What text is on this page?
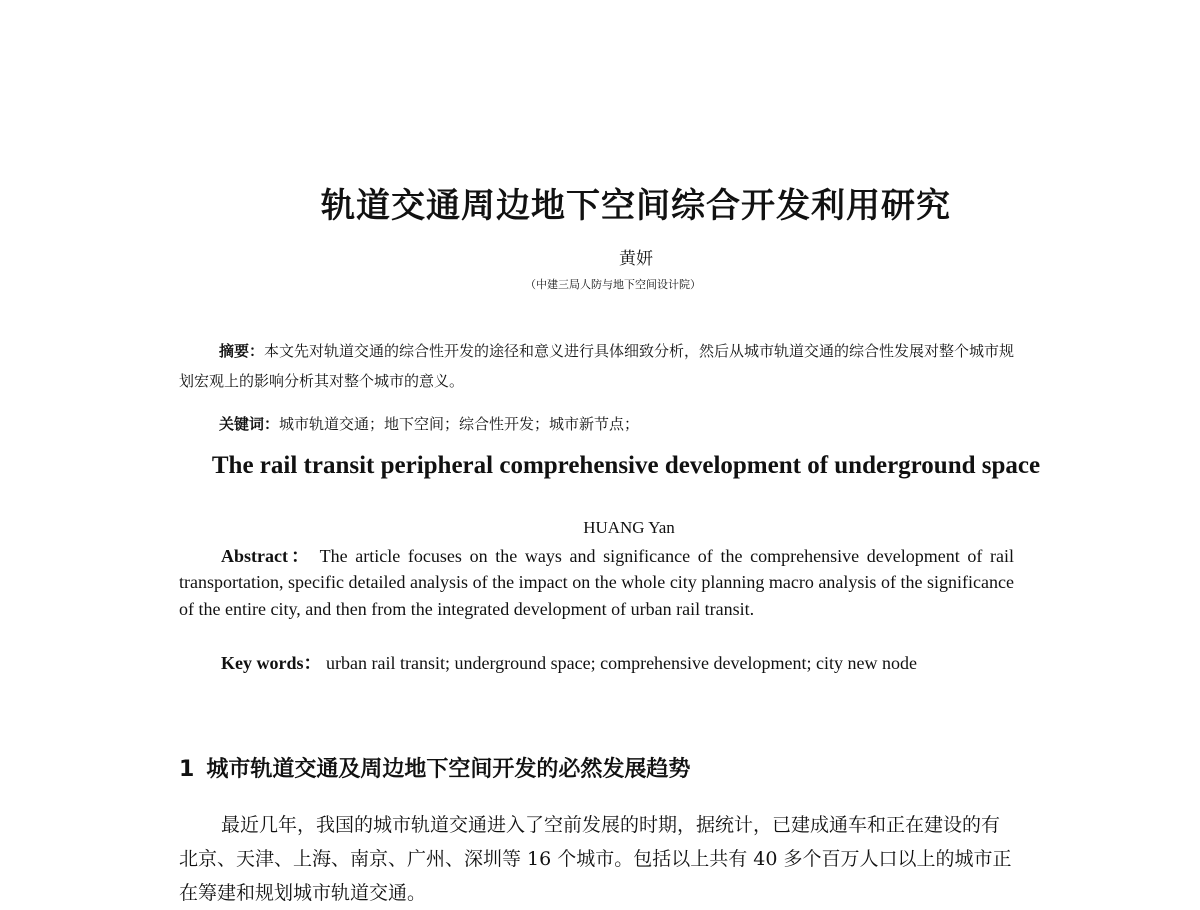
轨道交通周边地下空间综合开发利用研究
黄妍
（中建三局人防与地下空间设计院）
摘要：本文先对轨道交通的综合性开发的途径和意义进行具体细致分析，然后从城市轨道交通的综合性发展对整个城市规划宏观上的影响分析其对整个城市的意义。
关键词：城市轨道交通；地下空间；综合性开发；城市新节点；
The rail transit peripheral comprehensive development of underground space
HUANG Yan
Abstract： The article focuses on the ways and significance of the comprehensive development of rail transportation, specific detailed analysis of the impact on the whole city planning macro analysis of the significance of the entire city, and then from the integrated development of urban rail transit.
Key words： urban rail transit; underground space; comprehensive development; city new node
1 城市轨道交通及周边地下空间开发的必然发展趋势
最近几年，我国的城市轨道交通进入了空前发展的时期，据统计，已建成通车和正在建设的有北京、天津、上海、南京、广州、深圳等 16 个城市。包括以上共有 40 多个百万人口以上的城市正在筹建和规划城市轨道交通。
